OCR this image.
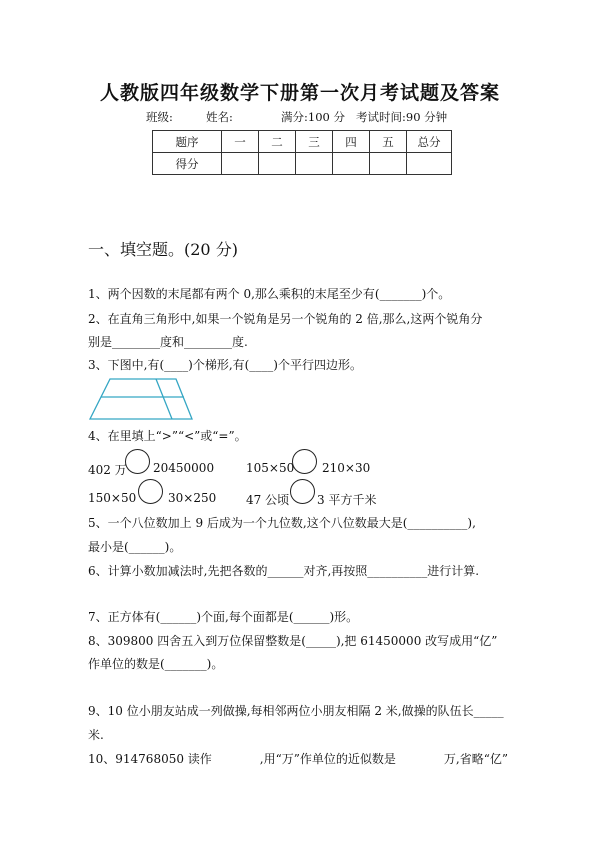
人教版四年级数学下册第一次月考试题及答案
班级:	姓名:	满分:100 分 考试时间:90 分钟
题序	一	二	三	四	五	总分
得分						
一、填空题。(20 分)
1、两个因数的末尾都有两个 0,那么乘积的末尾至少有(_______)个。
2、在直角三角形中,如果一个锐角是另一个锐角的 2 倍,那么,这两个锐角分
别是________度和________度.
3、下图中,有(____)个梯形,有(____)个平行四边形。
4、在里填上“>”“<”或“=”。
402 万 20450000	105×50 210×30
150×50	30×250 47 公顷 3 平方千米
5、一个八位数加上 9 后成为一个九位数,这个八位数最大是(__________),
最小是(______)。
6、计算小数加减法时,先把各数的______对齐,再按照__________进行计算.
7、正方体有(______)个面,每个面都是(______)形。
8、309800 四舍五入到万位保留整数是(_____),把 61450000 改写成用“亿”
作单位的数是(_______)。
9、10 位小朋友站成一列做操,每相邻两位小朋友相隔 2 米,做操的队伍长_____
米.
10、914768050 读作　　　　,用“万”作单位的近似数是　　　　万,省略“亿”
